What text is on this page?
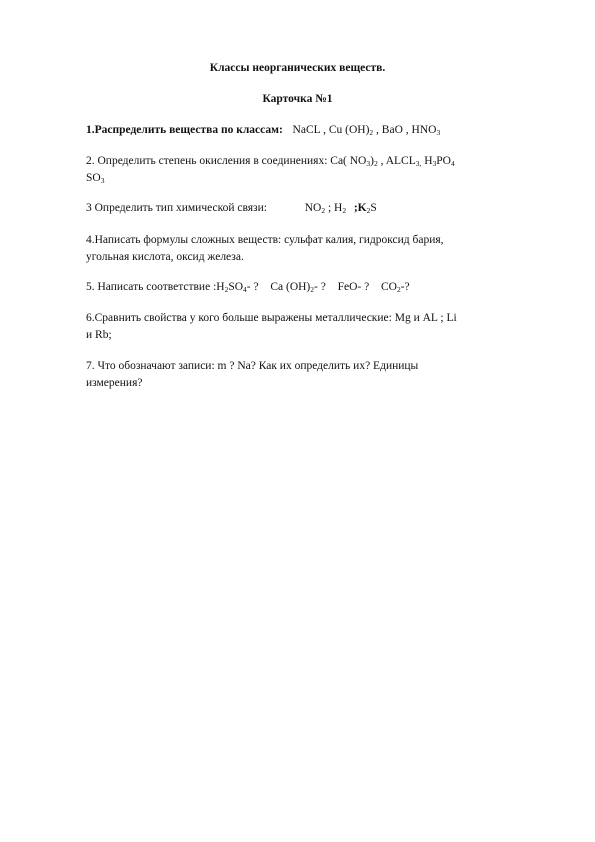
Классы неорганических веществ.
Карточка №1
1.Распределить вещества по классам: NaCL , Cu $(OH)_2$ , BaO , $HNO_3$
2. Определить степень окисления в соединениях: Ca( $NO_3)_2$ , $ALCL_{3,}$ $H_3PO_4$
$SO_3$
3 Определить тип химической связи:	$NO_2$ ; $H_2$ $;K_2S$
4.Написать формулы сложных веществ: сульфат калия, гидроксид бария,
угольная кислота, оксид железа.
5. Написать соответствие $:H_2SO_4-$ ? Ca $(OH)_2-$ ? FeO- ? $CO_2-$?
6.Сравнить свойства у кого больше выражены металлические: Mg и AL ; Li
и Rb;
7. Что обозначают записи: m ? Na? Как их определить их? Единицы
измерения?
